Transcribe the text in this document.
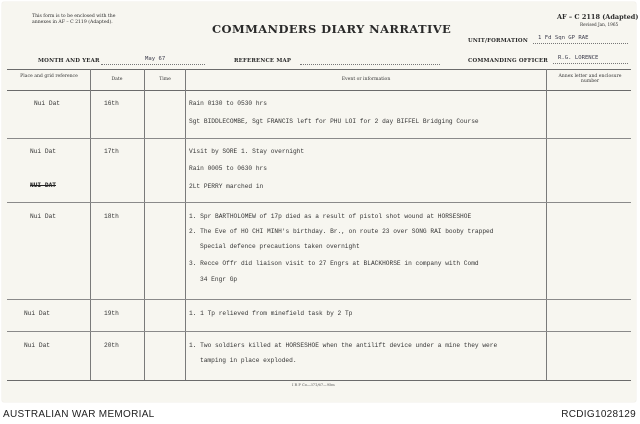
This form is to be enclosed with the
annexes in AF – C 2119 (Adapted).	COMMANDERS DIARY NARRATIVE
AF – C 2118 (Adapted)
Revised Jan, 1965
MONTH AND YEAR	May 67	REFERENCE MAP
UNIT/FORMATION 1 Fd Sqn GP RAE
COMMANDING OFFICER R.G. LORENCE
Place and grid reference
Date	Time	Event or information
Annex letter and enclosure number
Nui Dat	16th	Rain 0130 to 0530 hrs
Sgt BIDDLECOMBE, Sgt FRANCIS left for PHU LOI for 2 day BIFFEL Bridging Course
Nui Dat	17th	Visit by SORE 1. Stay overnight
Rain 0005 to 0630 hrs
NUI DAT	2Lt PERRY marched in
Nui Dat	18th	1. Spr BARTHOLOMEW of 17p died as a result of pistol shot wound at HORSESHOE
2. The Eve of HO CHI MINH's birthday. Br., on route 23 over SONG RAI booby trapped
Special defence precautions taken overnight
3. Recce Offr did liaison visit to 27 Engrs at BLACKHORSE in company with Comd
34 Engr Gp
Nui Dat	19th	1. 1 Tp relieved from minefield task by 2 Tp
Nui Dat	20th	1. Two soldiers killed at HORSESHOE when the antilift device under a mine they were
tamping in place exploded.
I R P Co—371/67—95m
AUSTRALIAN WAR MEMORIAL	RCDIG1028129
